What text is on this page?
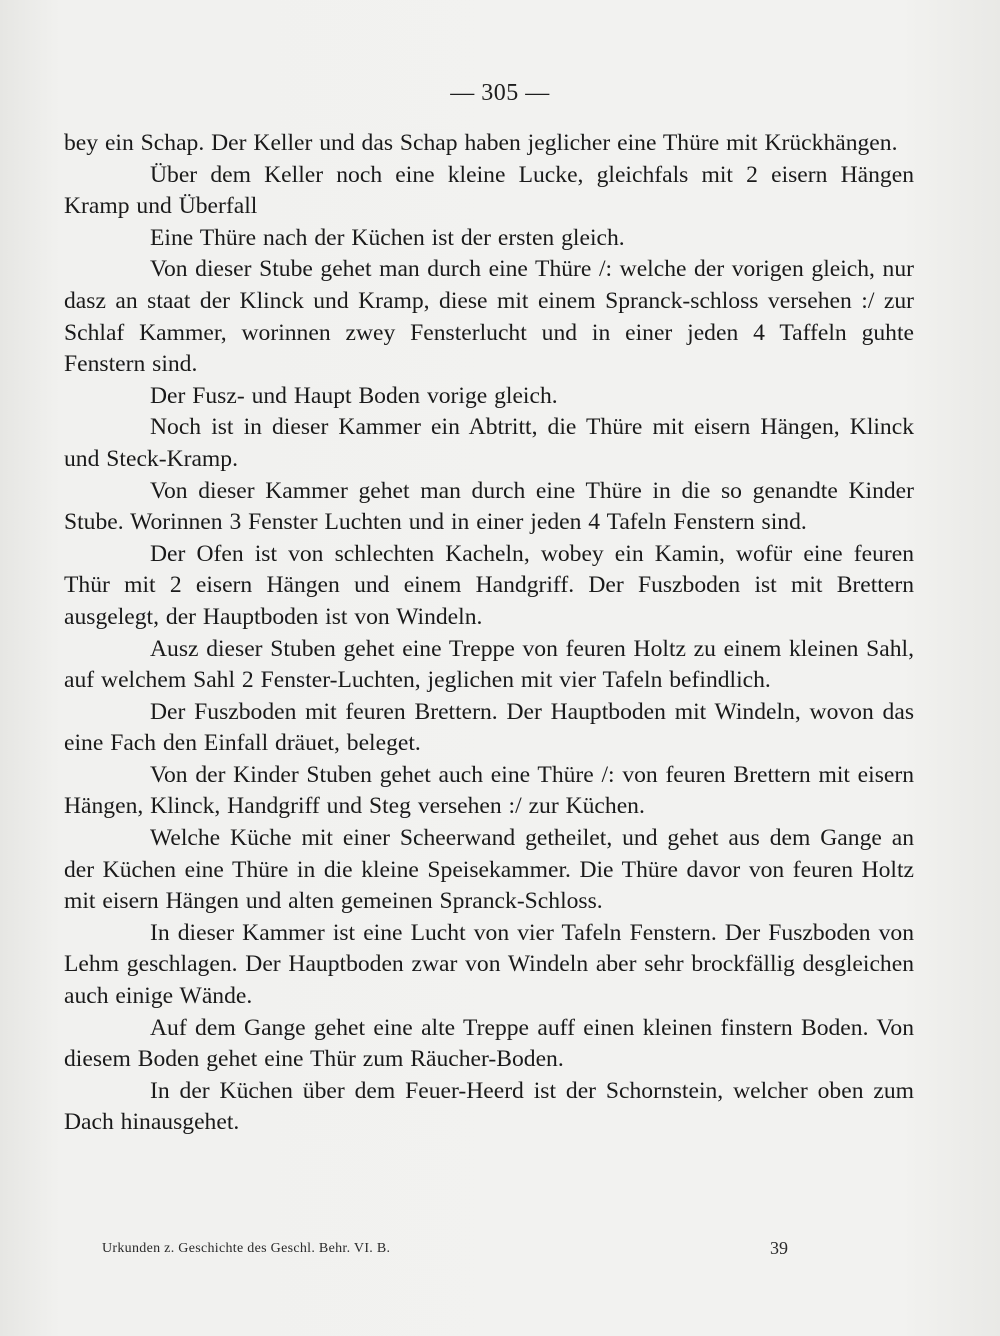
— 305 —

bey ein Schap. Der Keller und das Schap haben jeglicher eine Thüre mit Krückhängen.

Über dem Keller noch eine kleine Lucke, gleichfals mit 2 eisern Hängen Kramp und Überfall

Eine Thüre nach der Küchen ist der ersten gleich.

Von dieser Stube gehet man durch eine Thüre /: welche der vorigen gleich, nur dasz an staat der Klinck und Kramp, diese mit einem Spranck-schloss versehen :/ zur Schlaf Kammer, worinnen zwey Fensterlucht und in einer jeden 4 Taffeln guhte Fenstern sind.

Der Fusz- und Haupt Boden vorige gleich.

Noch ist in dieser Kammer ein Abtritt, die Thüre mit eisern Hängen, Klinck und Steck-Kramp.

Von dieser Kammer gehet man durch eine Thüre in die so genandte Kinder Stube. Worinnen 3 Fenster Luchten und in einer jeden 4 Tafeln Fenstern sind.

Der Ofen ist von schlechten Kacheln, wobey ein Kamin, wofür eine feuren Thür mit 2 eisern Hängen und einem Handgriff. Der Fuszboden ist mit Brettern ausgelegt, der Hauptboden ist von Windeln.

Ausz dieser Stuben gehet eine Treppe von feuren Holtz zu einem kleinen Sahl, auf welchem Sahl 2 Fenster-Luchten, jeglichen mit vier Tafeln befindlich.

Der Fuszboden mit feuren Brettern. Der Hauptboden mit Windeln, wovon das eine Fach den Einfall dräuet, beleget.

Von der Kinder Stuben gehet auch eine Thüre /: von feuren Brettern mit eisern Hängen, Klinck, Handgriff und Steg versehen :/ zur Küchen.

Welche Küche mit einer Scheerwand getheilet, und gehet aus dem Gange an der Küchen eine Thüre in die kleine Speisekammer. Die Thüre davor von feuren Holtz mit eisern Hängen und alten gemeinen Spranck-Schloss.

In dieser Kammer ist eine Lucht von vier Tafeln Fenstern. Der Fuszboden von Lehm geschlagen. Der Hauptboden zwar von Windeln aber sehr brockfällig desgleichen auch einige Wände.

Auf dem Gange gehet eine alte Treppe auff einen kleinen finstern Boden. Von diesem Boden gehet eine Thür zum Räucher-Boden.

In der Küchen über dem Feuer-Heerd ist der Schornstein, welcher oben zum Dach hinausgehet.

Urkunden z. Geschichte des Geschl. Behr. VI. B.	39
